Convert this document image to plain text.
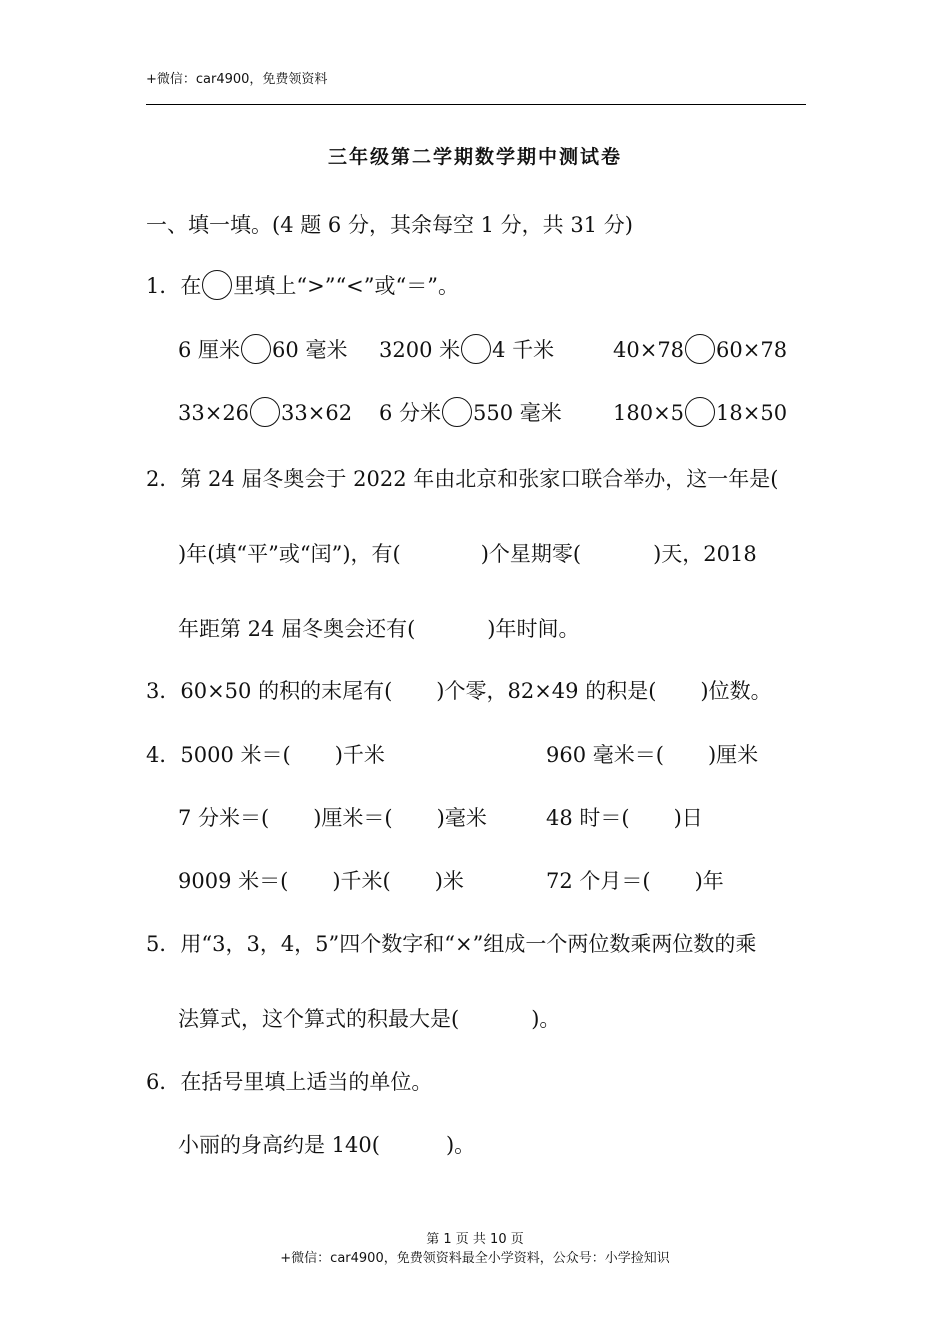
+微信：car4900，免费领资料
三年级第二学期数学期中测试卷
一、填一填。(4 题 6 分，其余每空 1 分，共 31 分)
1．在 里填上“>”“<”或“＝”。
6 厘米 60 毫米 3200 米 4 千米	40×78 60×78
33×26 33×62 6 分米 550 毫米 180×5 18×50
2．第 24 届冬奥会于 2022 年由北京和张家口联合举办，这一年是(
)年(填“平”或“闰”)，有(	)个星期零(	)天，2018
年距第 24 届冬奥会还有(	)年时间。
3．60×50 的积的末尾有( )个零，82×49 的积是( )位数。
4．5000 米＝( )千米	960 毫米＝( )厘米
7 分米＝( )厘米＝( )毫米	48 时＝( )日
9009 米＝( )千米( )米	72 个月＝( )年
5．用“3，3，4，5”四个数字和“×”组成一个两位数乘两位数的乘
法算式，这个算式的积最大是(	)。
6．在括号里填上适当的单位。
小丽的身高约是 140(	)。
第 1 页 共 10 页
+微信：car4900，免费领资料最全小学资料，公众号：小学捡知识
